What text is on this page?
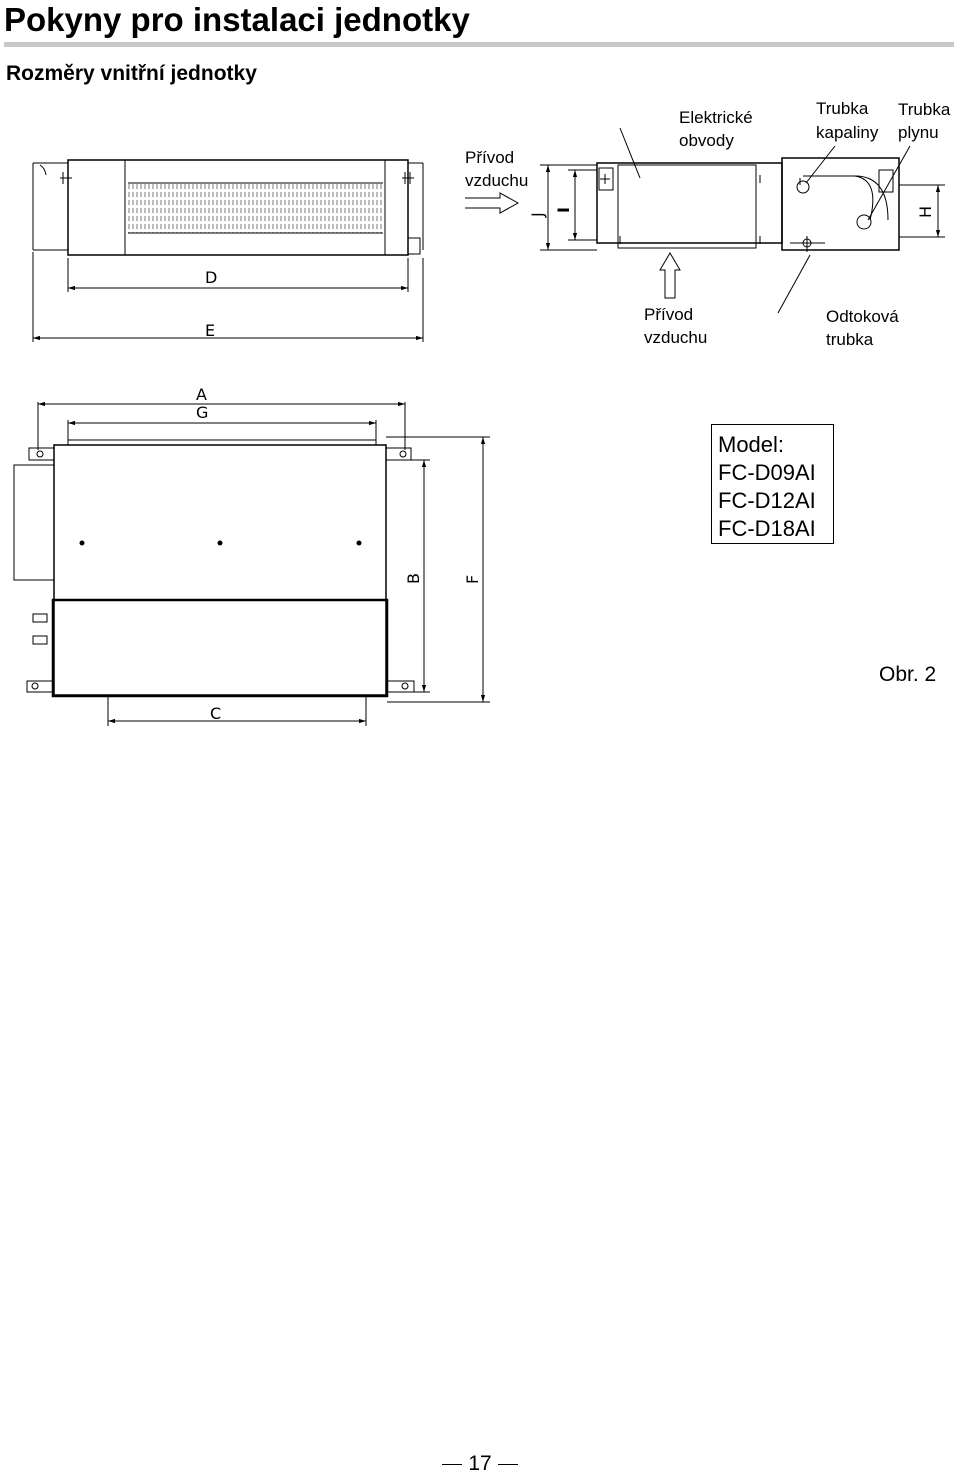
Pokyny pro instalaci jednotky
Rozměry vnitřní jednotky
Přívod
vzduchu
Elektrické
obvody
Trubka
kapaliny
Trubka
plynu
Přívod
vzduchu
Odtoková
trubka
D
E
A
G
C
B	F
J
I	H
Model:
FC-D09AI
FC-D12AI
FC-D18AI
Obr. 2
17
